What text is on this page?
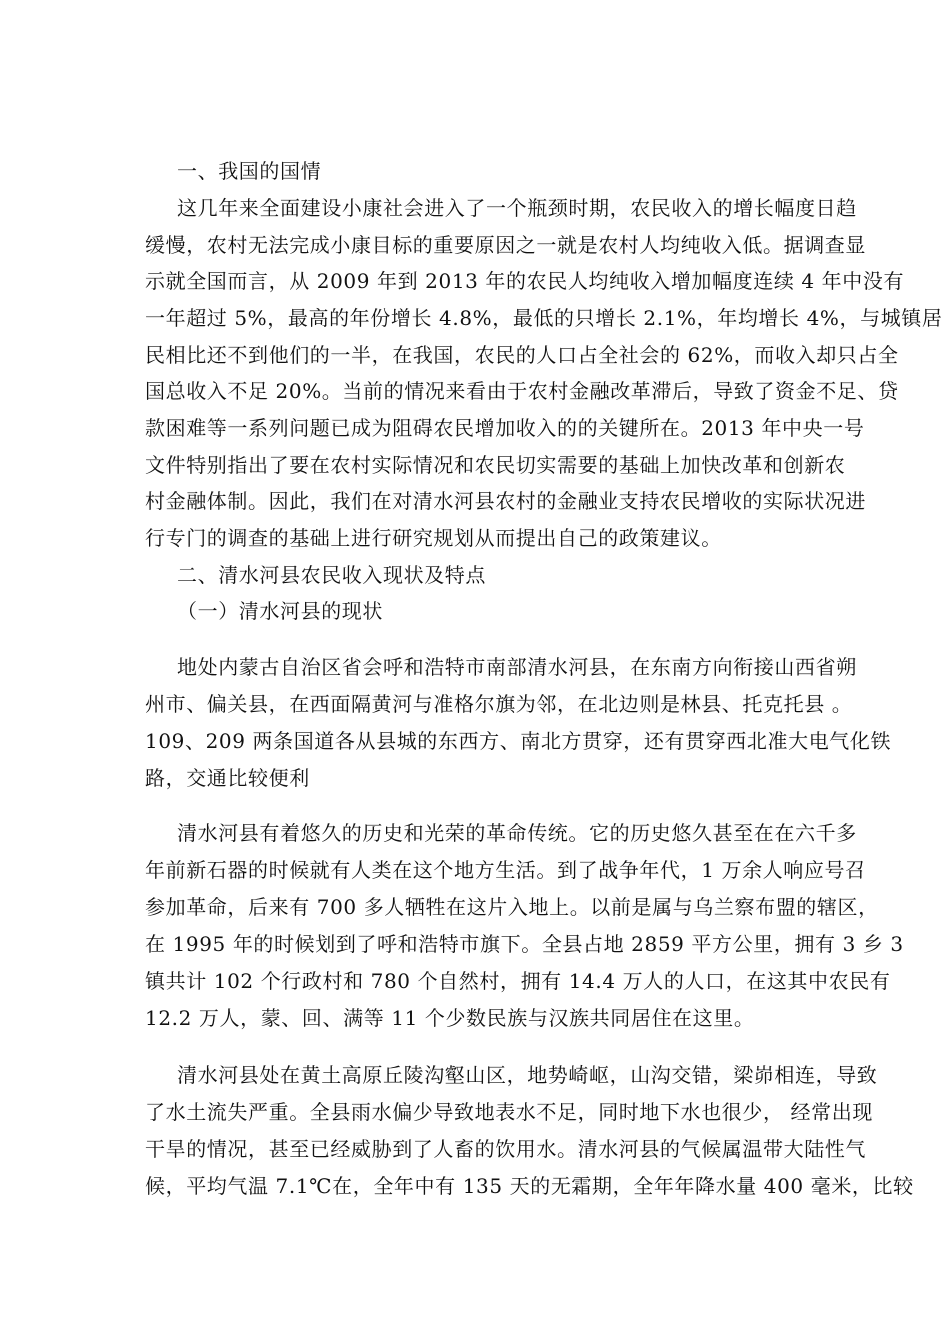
一、我国的国情
这几年来全面建设小康社会进入了一个瓶颈时期，农民收入的增长幅度日趋
缓慢，农村无法完成小康目标的重要原因之一就是农村人均纯收入低。据调查显
示就全国而言，从 2009 年到 2013 年的农民人均纯收入增加幅度连续 4 年中没有
一年超过 5%，最高的年份增长 4.8%，最低的只增长 2.1%，年均增长 4%，与城镇居
民相比还不到他们的一半，在我国，农民的人口占全社会的 62%，而收入却只占全
国总收入不足 20%。当前的情况来看由于农村金融改革滞后，导致了资金不足、贷
款困难等一系列问题已成为阻碍农民增加收入的的关键所在。2013 年中央一号
文件特别指出了要在农村实际情况和农民切实需要的基础上加快改革和创新农
村金融体制。因此，我们在对清水河县农村的金融业支持农民增收的实际状况进
行专门的调查的基础上进行研究规划从而提出自己的政策建议。
二、清水河县农民收入现状及特点
（一）清水河县的现状
地处内蒙古自治区省会呼和浩特市南部清水河县，在东南方向衔接山西省朔
州市、偏关县，在西面隔黄河与准格尔旗为邻，在北边则是林县、托克托县 。
109、209 两条国道各从县城的东西方、南北方贯穿，还有贯穿西北准大电气化铁
路，交通比较便利
清水河县有着悠久的历史和光荣的革命传统。它的历史悠久甚至在在六千多
年前新石器的时候就有人类在这个地方生活。到了战争年代，1 万余人响应号召
参加革命，后来有 700 多人牺牲在这片入地上。以前是属与乌兰察布盟的辖区，
在 1995 年的时候划到了呼和浩特市旗下。全县占地 2859 平方公里，拥有 3 乡 3
镇共计 102 个行政村和 780 个自然村，拥有 14.4 万人的人口，在这其中农民有
12.2 万人，蒙、回、满等 11 个少数民族与汉族共同居住在这里。
清水河县处在黄土高原丘陵沟壑山区，地势崎岖，山沟交错，梁峁相连，导致
了水土流失严重。全县雨水偏少导致地表水不足，同时地下水也很少， 经常出现
干旱的情况，甚至已经威胁到了人畜的饮用水。清水河县的气候属温带大陆性气
候，平均气温 7.1℃在，全年中有 135 天的无霜期，全年年降水量 400 毫米，比较
